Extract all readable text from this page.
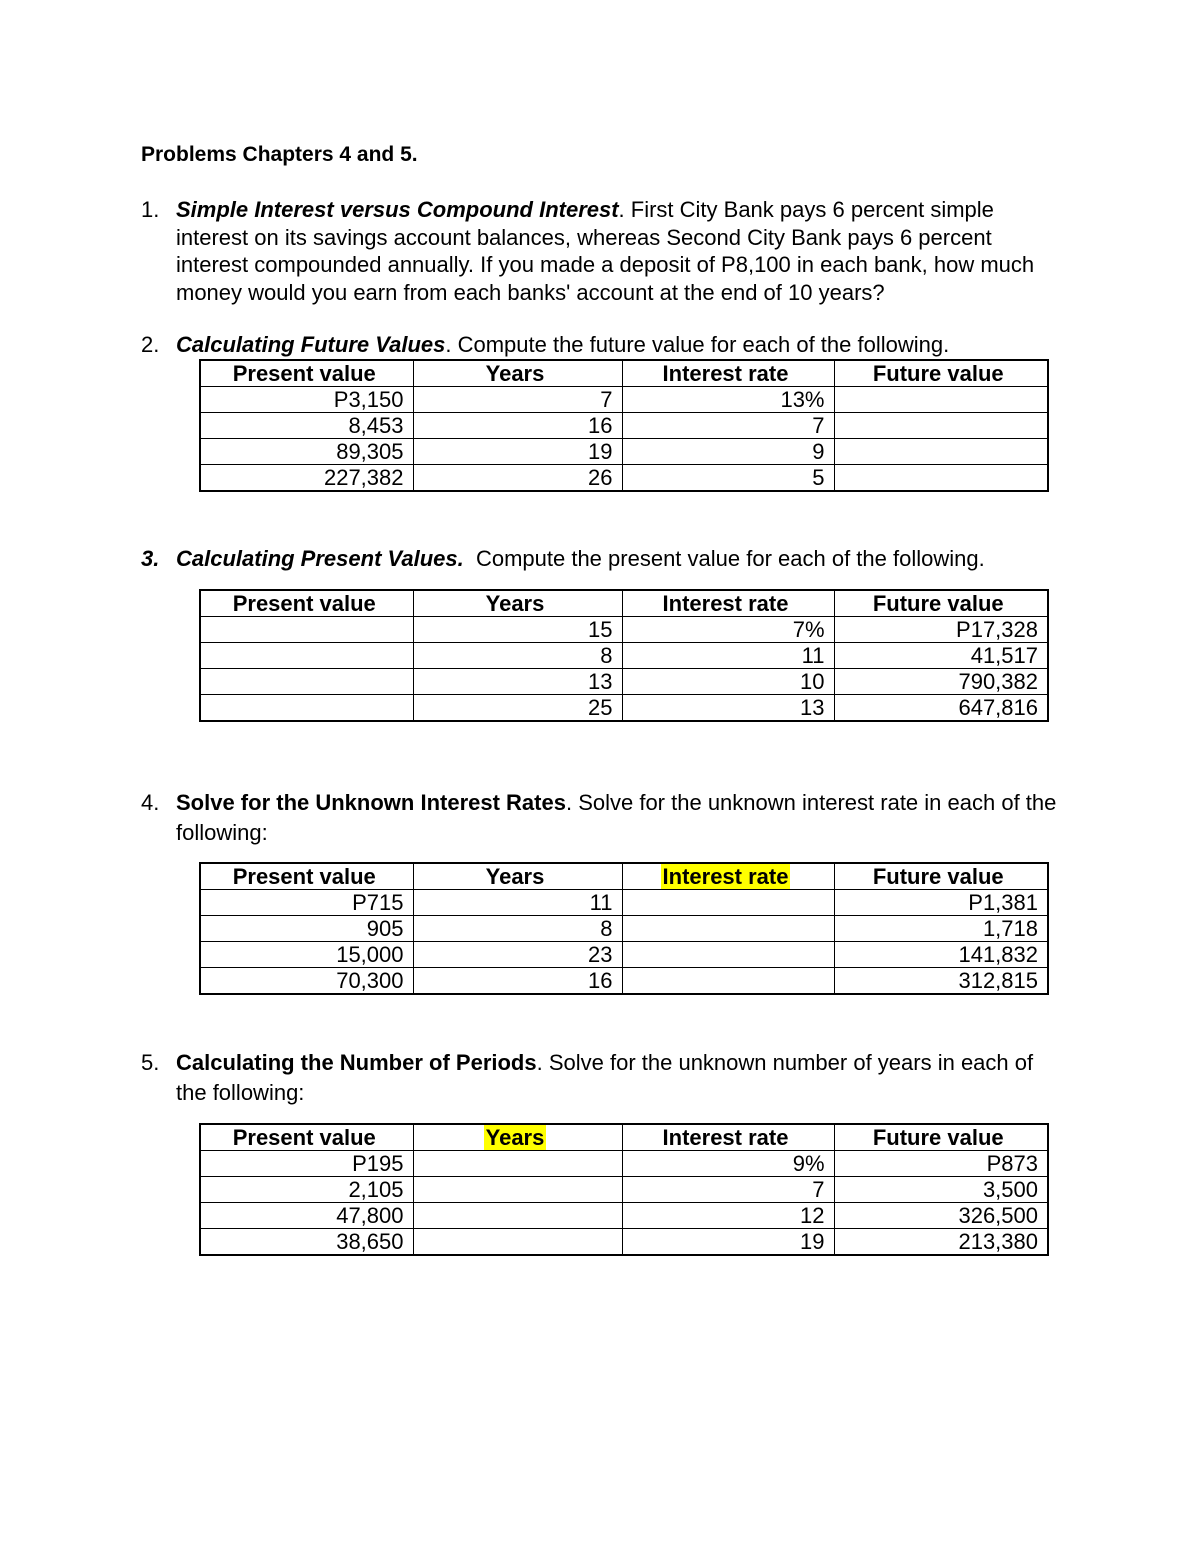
Problems Chapters 4 and 5.
1. Simple Interest versus Compound Interest. First City Bank pays 6 percent simple interest on its savings account balances, whereas Second City Bank pays 6 percent interest compounded annually. If you made a deposit of P8,100 in each bank, how much money would you earn from each banks' account at the end of 10 years?
2. Calculating Future Values. Compute the future value for each of the following.
Present value	Years	Interest rate	Future value
P3,150	7	13%	
8,453	16	7	
89,305	19	9	
227,382	26	5	
3. Calculating Present Values.  Compute the present value for each of the following.
Present value	Years	Interest rate	Future value
	15	7%	P17,328
	8	11	41,517
	13	10	790,382
	25	13	647,816
4. Solve for the Unknown Interest Rates. Solve for the unknown interest rate in each of the following:
Present value	Years	Interest rate	Future value
P715	11		P1,381
905	8		1,718
15,000	23		141,832
70,300	16		312,815
5. Calculating the Number of Periods. Solve for the unknown number of years in each of the following:
Present value	Years	Interest rate	Future value
P195		9%	P873
2,105		7	3,500
47,800		12	326,500
38,650		19	213,380
